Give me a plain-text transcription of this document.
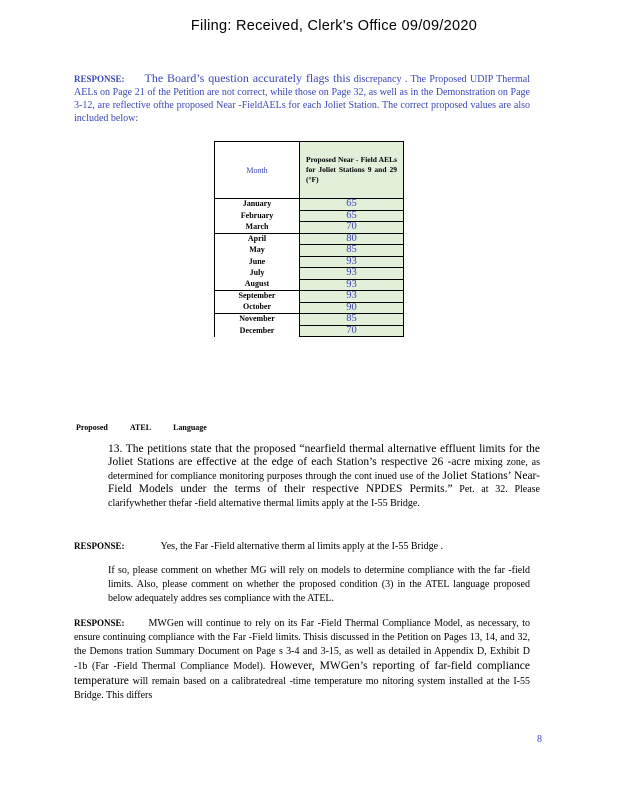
Filing: Received, Clerk's Office 09/09/2020
RESPONSE: The Board’s question accurately flags this discrepancy . The Proposed UDIP Thermal AELs on Page 21 of the Petition are not correct, while those on Page 32, as well as in the Demonstration on Page 3-12, are reflective ofthe proposed Near -FieldAELs for each Joliet Station. The correct proposed values are also included below:
Month	Proposed Near - Field AELs for Joliet Stations 9 and 29 (°F)
January	65
February	65
March	70
April	80
May	85
June	93
July	93
August	93
September	93
October	90
November	85
December	70
Proposed	ATEL	Language
13. The petitions state that the proposed “nearfield thermal alternative effluent limits for the Joliet Stations are effective at the edge of each Station’s respective 26 -acre mixing zone, as determined for compliance monitoring purposes through the cont inued use of the Joliet Stations’ Near-Field Models under the terms of their respective NPDES Permits.” Pet. at 32. Please clarifywhether thefar -field alternative thermal limits apply at the I-55 Bridge.
RESPONSE:	Yes, the Far -Field alternative therm al limits apply at the I-55 Bridge .
If so, please comment on whether MG will rely on models to determine compliance with the far -field limits. Also, please comment on whether the proposed condition (3) in the ATEL language proposed below adequately addres ses compliance with the ATEL.
RESPONSE: MWGen will continue to rely on its Far -Field Thermal Compliance Model, as necessary, to ensure continuing compliance with the Far -Field limits. Thisis discussed in the Petition on Pages 13, 14, and 32, the Demons tration Summary Document on Page s 3-4 and 3-15, as well as detailed in Appendix D, Exhibit D -1b (Far -Field Thermal Compliance Model). However, MWGen’s reporting of far-field compliance temperature will remain based on a calibratedreal -time temperature mo nitoring system installed at the I-55 Bridge. This differs
8
